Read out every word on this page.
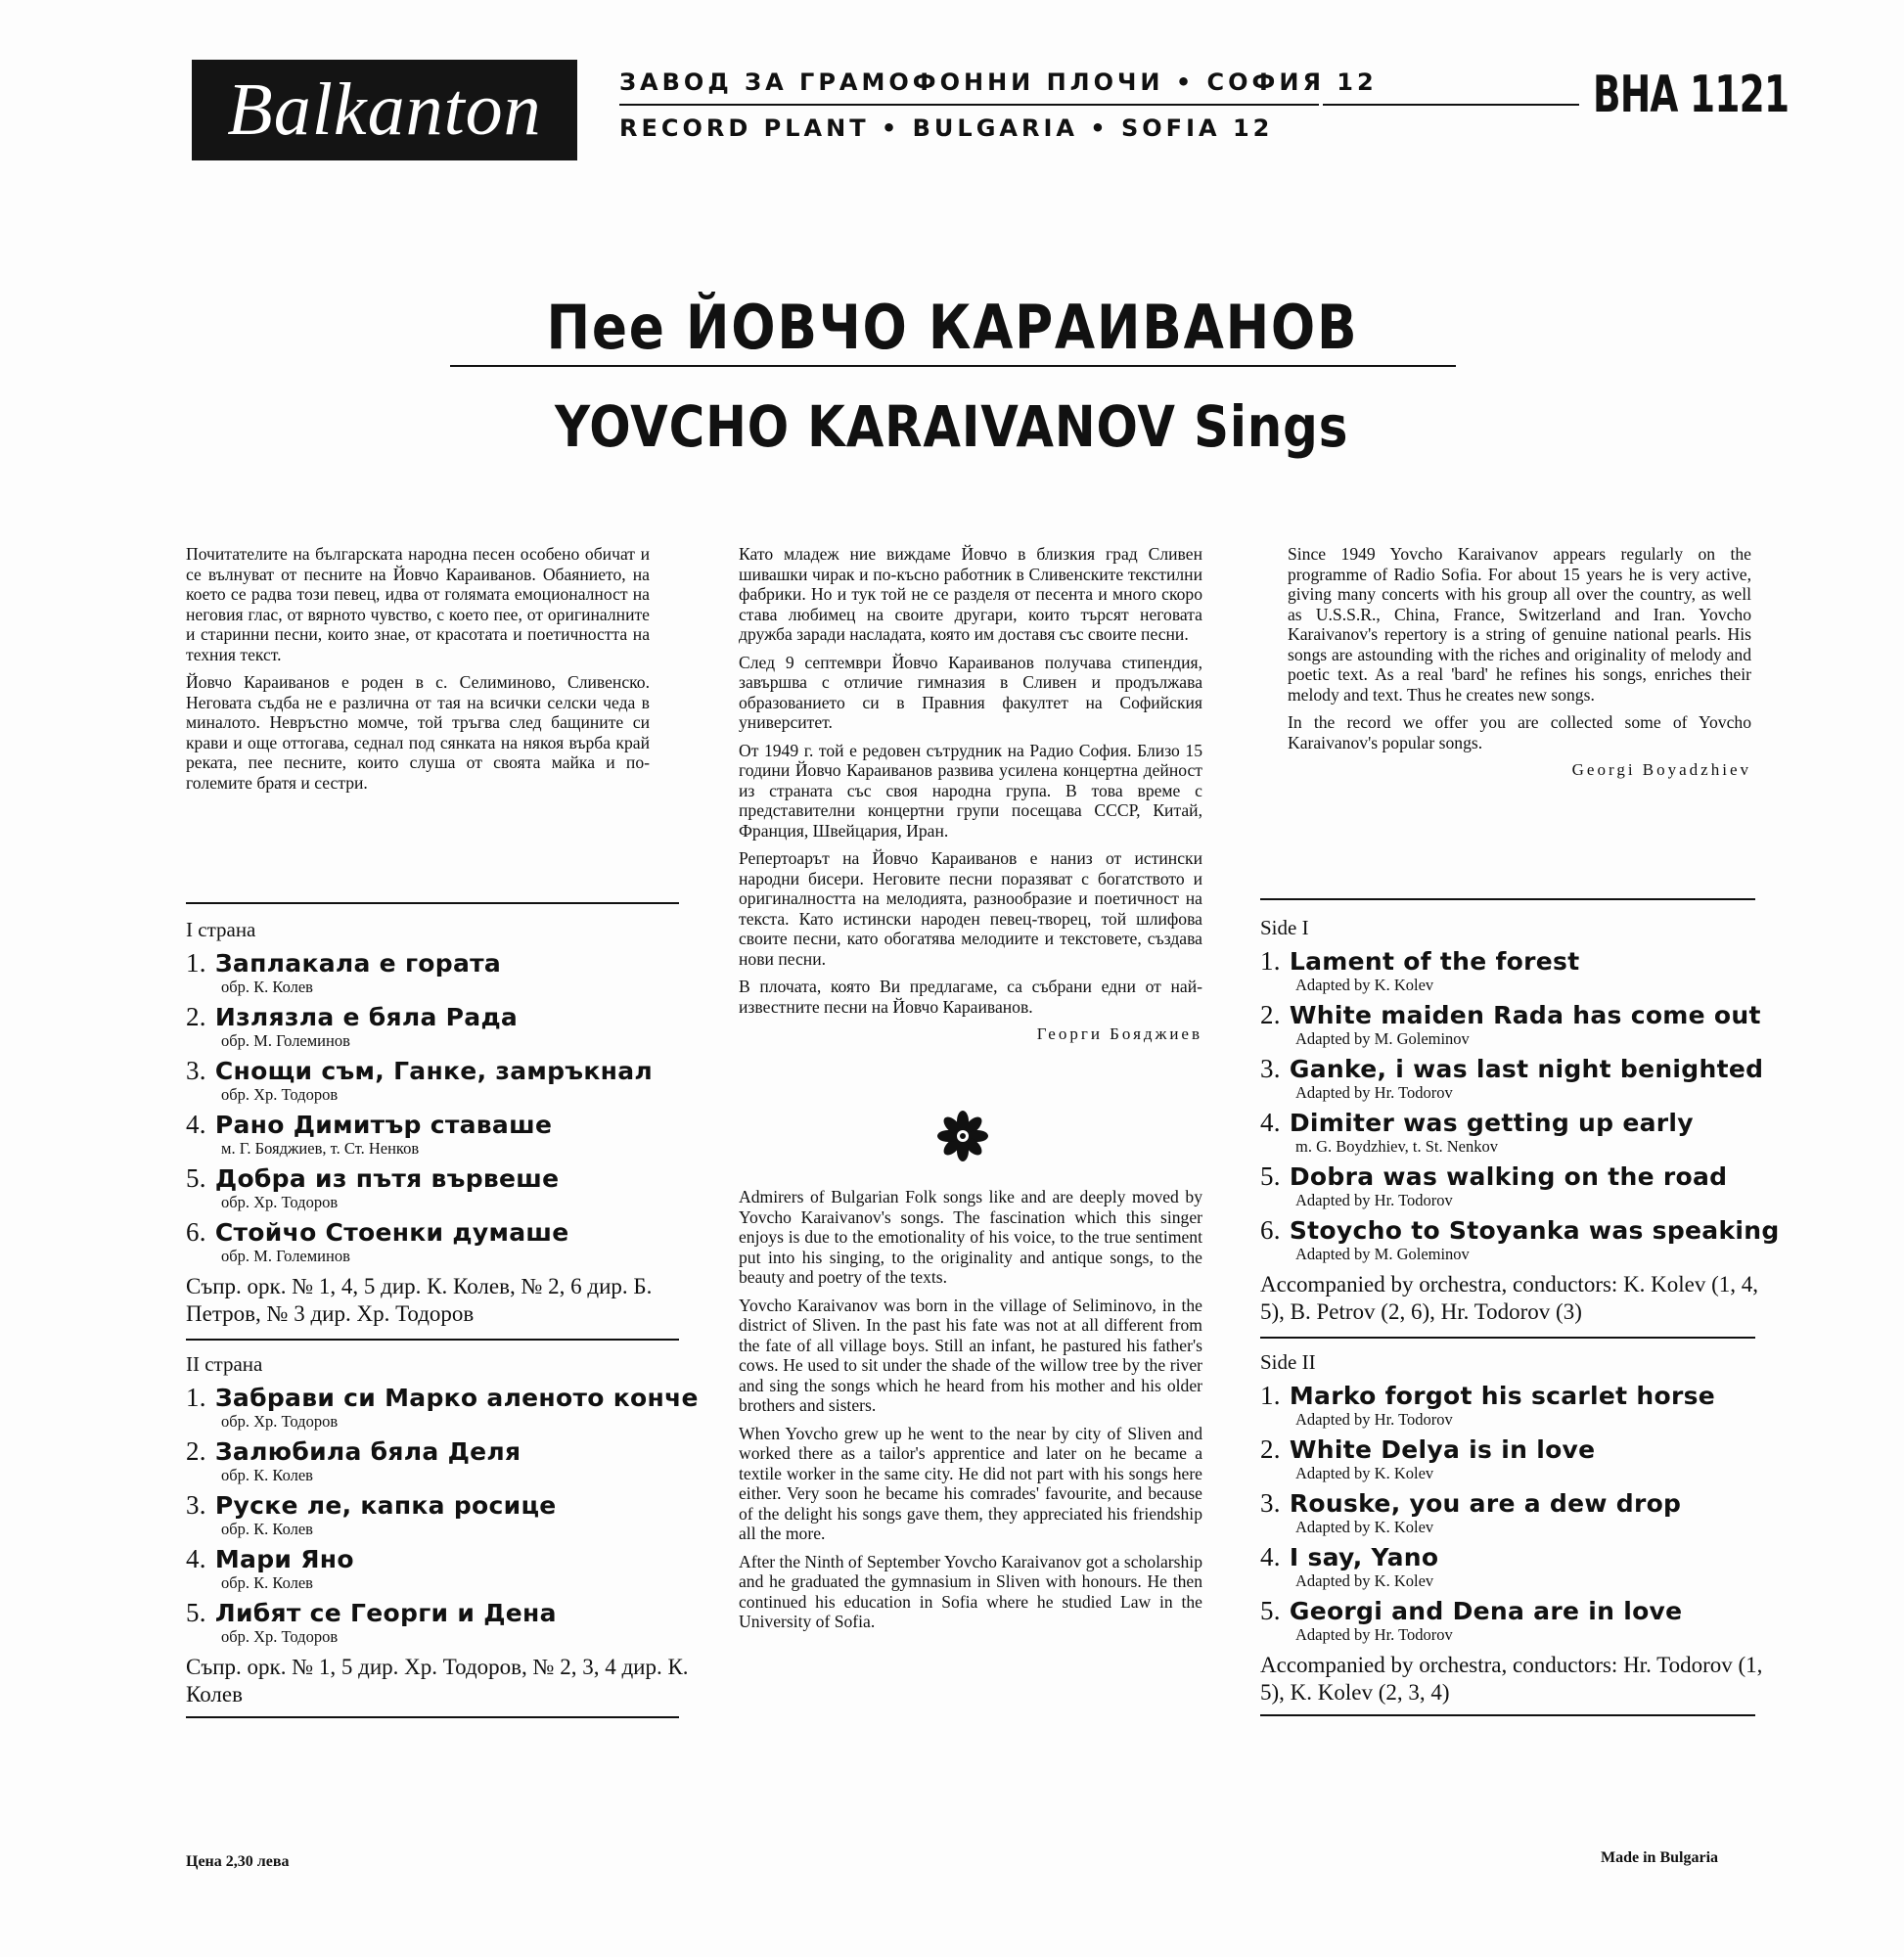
Balkanton	ЗАВОД ЗА ГРАМОФОННИ ПЛОЧИ • СОФИЯ 12
RECORD PLANT • BULGARIA • SOFIA 12
ВНА 1121
Пее ЙОВЧО КАРАИВАНОВ
YOVCHO KARAIVANOV Sings

Почитателите на българската народна песен особено обичат и се вълнуват от песните на Йовчо Караиванов. Обаянието, на което се радва този певец, идва от голямата емоционалност на неговия глас, от вярното чувство, с което пее, от оригиналните и старинни песни, които знае, от красотата и поетичността на техния текст.

Йовчо Караиванов е роден в с. Селиминово, Сливенско. Неговата съдба не е различна от тая на всички селски чеда в миналото. Невръстно момче, той тръгва след бащините си крави и още оттогава, седнал под сянката на някоя върба край реката, пее песните, които слуша от своята майка и по-големите братя и сестри.

Като младеж ние виждаме Йовчо в близкия град Сливен шивашки чирак и по-късно работник в Сливенските текстилни фабрики. Но и тук той не се разделя от песента и много скоро става любимец на своите другари, които търсят неговата дружба заради насладата, която им доставя със своите песни.

След 9 септември Йовчо Караиванов получава стипендия, завършва с отличие гимназия в Сливен и продължава образованието си в Правния факултет на Софийския университет.

От 1949 г. той е редовен сътрудник на Радио София. Близо 15 години Йовчо Караиванов развива усилена концертна дейност из страната със своя народна група. В това време с представителни концертни групи посещава СССР, Китай, Франция, Швейцария, Иран.

Репертоарът на Йовчо Караиванов е наниз от истински народни бисери. Неговите песни поразяват с богатството и оригиналността на мелодията, разнообразие и поетичност на текста. Като истински народен певец-творец, той шлифова своите песни, като обогатява мелодиите и текстовете, създава нови песни.

В плочата, която Ви предлагаме, са събрани едни от най-известните песни на Йовчо Караиванов.

Георги Бояджиев

Admirers of Bulgarian Folk songs like and are deeply moved by Yovcho Karaivanov's songs. The fascination which this singer enjoys is due to the emotionality of his voice, to the true sentiment put into his singing, to the originality and antique songs, to the beauty and poetry of the texts.

Yovcho Karaivanov was born in the village of Seliminovo, in the district of Sliven. In the past his fate was not at all different from the fate of all village boys. Still an infant, he pastured his father's cows. He used to sit under the shade of the willow tree by the river and sing the songs which he heard from his mother and his older brothers and sisters.

When Yovcho grew up he went to the near by city of Sliven and worked there as a tailor's apprentice and later on he became a textile worker in the same city. He did not part with his songs here either. Very soon he became his comrades' favourite, and because of the delight his songs gave them, they appreciated his friendship all the more.

After the Ninth of September Yovcho Karaivanov got a scholarship and he graduated the gymnasium in Sliven with honours. He then continued his education in Sofia where he studied Law in the University of Sofia.

Since 1949 Yovcho Karaivanov appears regularly on the programme of Radio Sofia. For about 15 years he is very active, giving many concerts with his group all over the country, as well as U.S.S.R., China, France, Switzerland and Iran. Yovcho Karaivanov's repertory is a string of genuine national pearls. His songs are astounding with the riches and originality of melody and poetic text. As a real 'bard' he refines his songs, enriches their melody and text. Thus he creates new songs.

In the record we offer you are collected some of Yovcho Karaivanov's popular songs.

Georgi Boyadzhiev
I страна
1. Заплакала е гората
обр. К. Колев
2. Излязла е бяла Рада
обр. М. Големинов
3. Снощи съм, Ганке, замръкнал
обр. Хр. Тодоров
4. Рано Димитър ставаше
м. Г. Бояджиев, т. Ст. Ненков
5. Добра из пътя вървеше
обр. Хр. Тодоров
6. Стойчо Стоенки думаше
обр. М. Големинов
Съпр. орк. № 1, 4, 5 дир. К. Колев, № 2, 6 дир. Б. Петров, № 3 дир. Хр. Тодоров
II страна
1. Забрави си Марко аленото конче
обр. Хр. Тодоров
2. Залюбила бяла Деля
обр. К. Колев
3. Руске ле, капка росице
обр. К. Колев
4. Мари Яно
обр. К. Колев
5. Либят се Георги и Дена
обр. Хр. Тодоров
Съпр. орк. № 1, 5 дир. Хр. Тодоров, № 2, 3, 4 дир. К. Колев
Side I
1. Lament of the forest
Adapted by K. Kolev
2. White maiden Rada has come out
Adapted by M. Goleminov
3. Ganke, i was last night benighted
Adapted by Hr. Todorov
4. Dimiter was getting up early
m. G. Boydzhiev, t. St. Nenkov
5. Dobra was walking on the road
Adapted by Hr. Todorov
6. Stoycho to Stoyanka was speaking
Adapted by M. Goleminov
Accompanied by orchestra, conductors: K. Kolev (1, 4, 5), B. Petrov (2, 6), Hr. Todorov (3)
Side II
1. Marko forgot his scarlet horse
Adapted by Hr. Todorov
2. White Delya is in love
Adapted by K. Kolev
3. Rouske, you are a dew drop
Adapted by K. Kolev
4. I say, Yano
Adapted by K. Kolev
5. Georgi and Dena are in love
Adapted by Hr. Todorov
Accompanied by orchestra, conductors: Hr. Todorov (1, 5), K. Kolev (2, 3, 4)
Цена 2,30 лева	Made in Bulgaria
